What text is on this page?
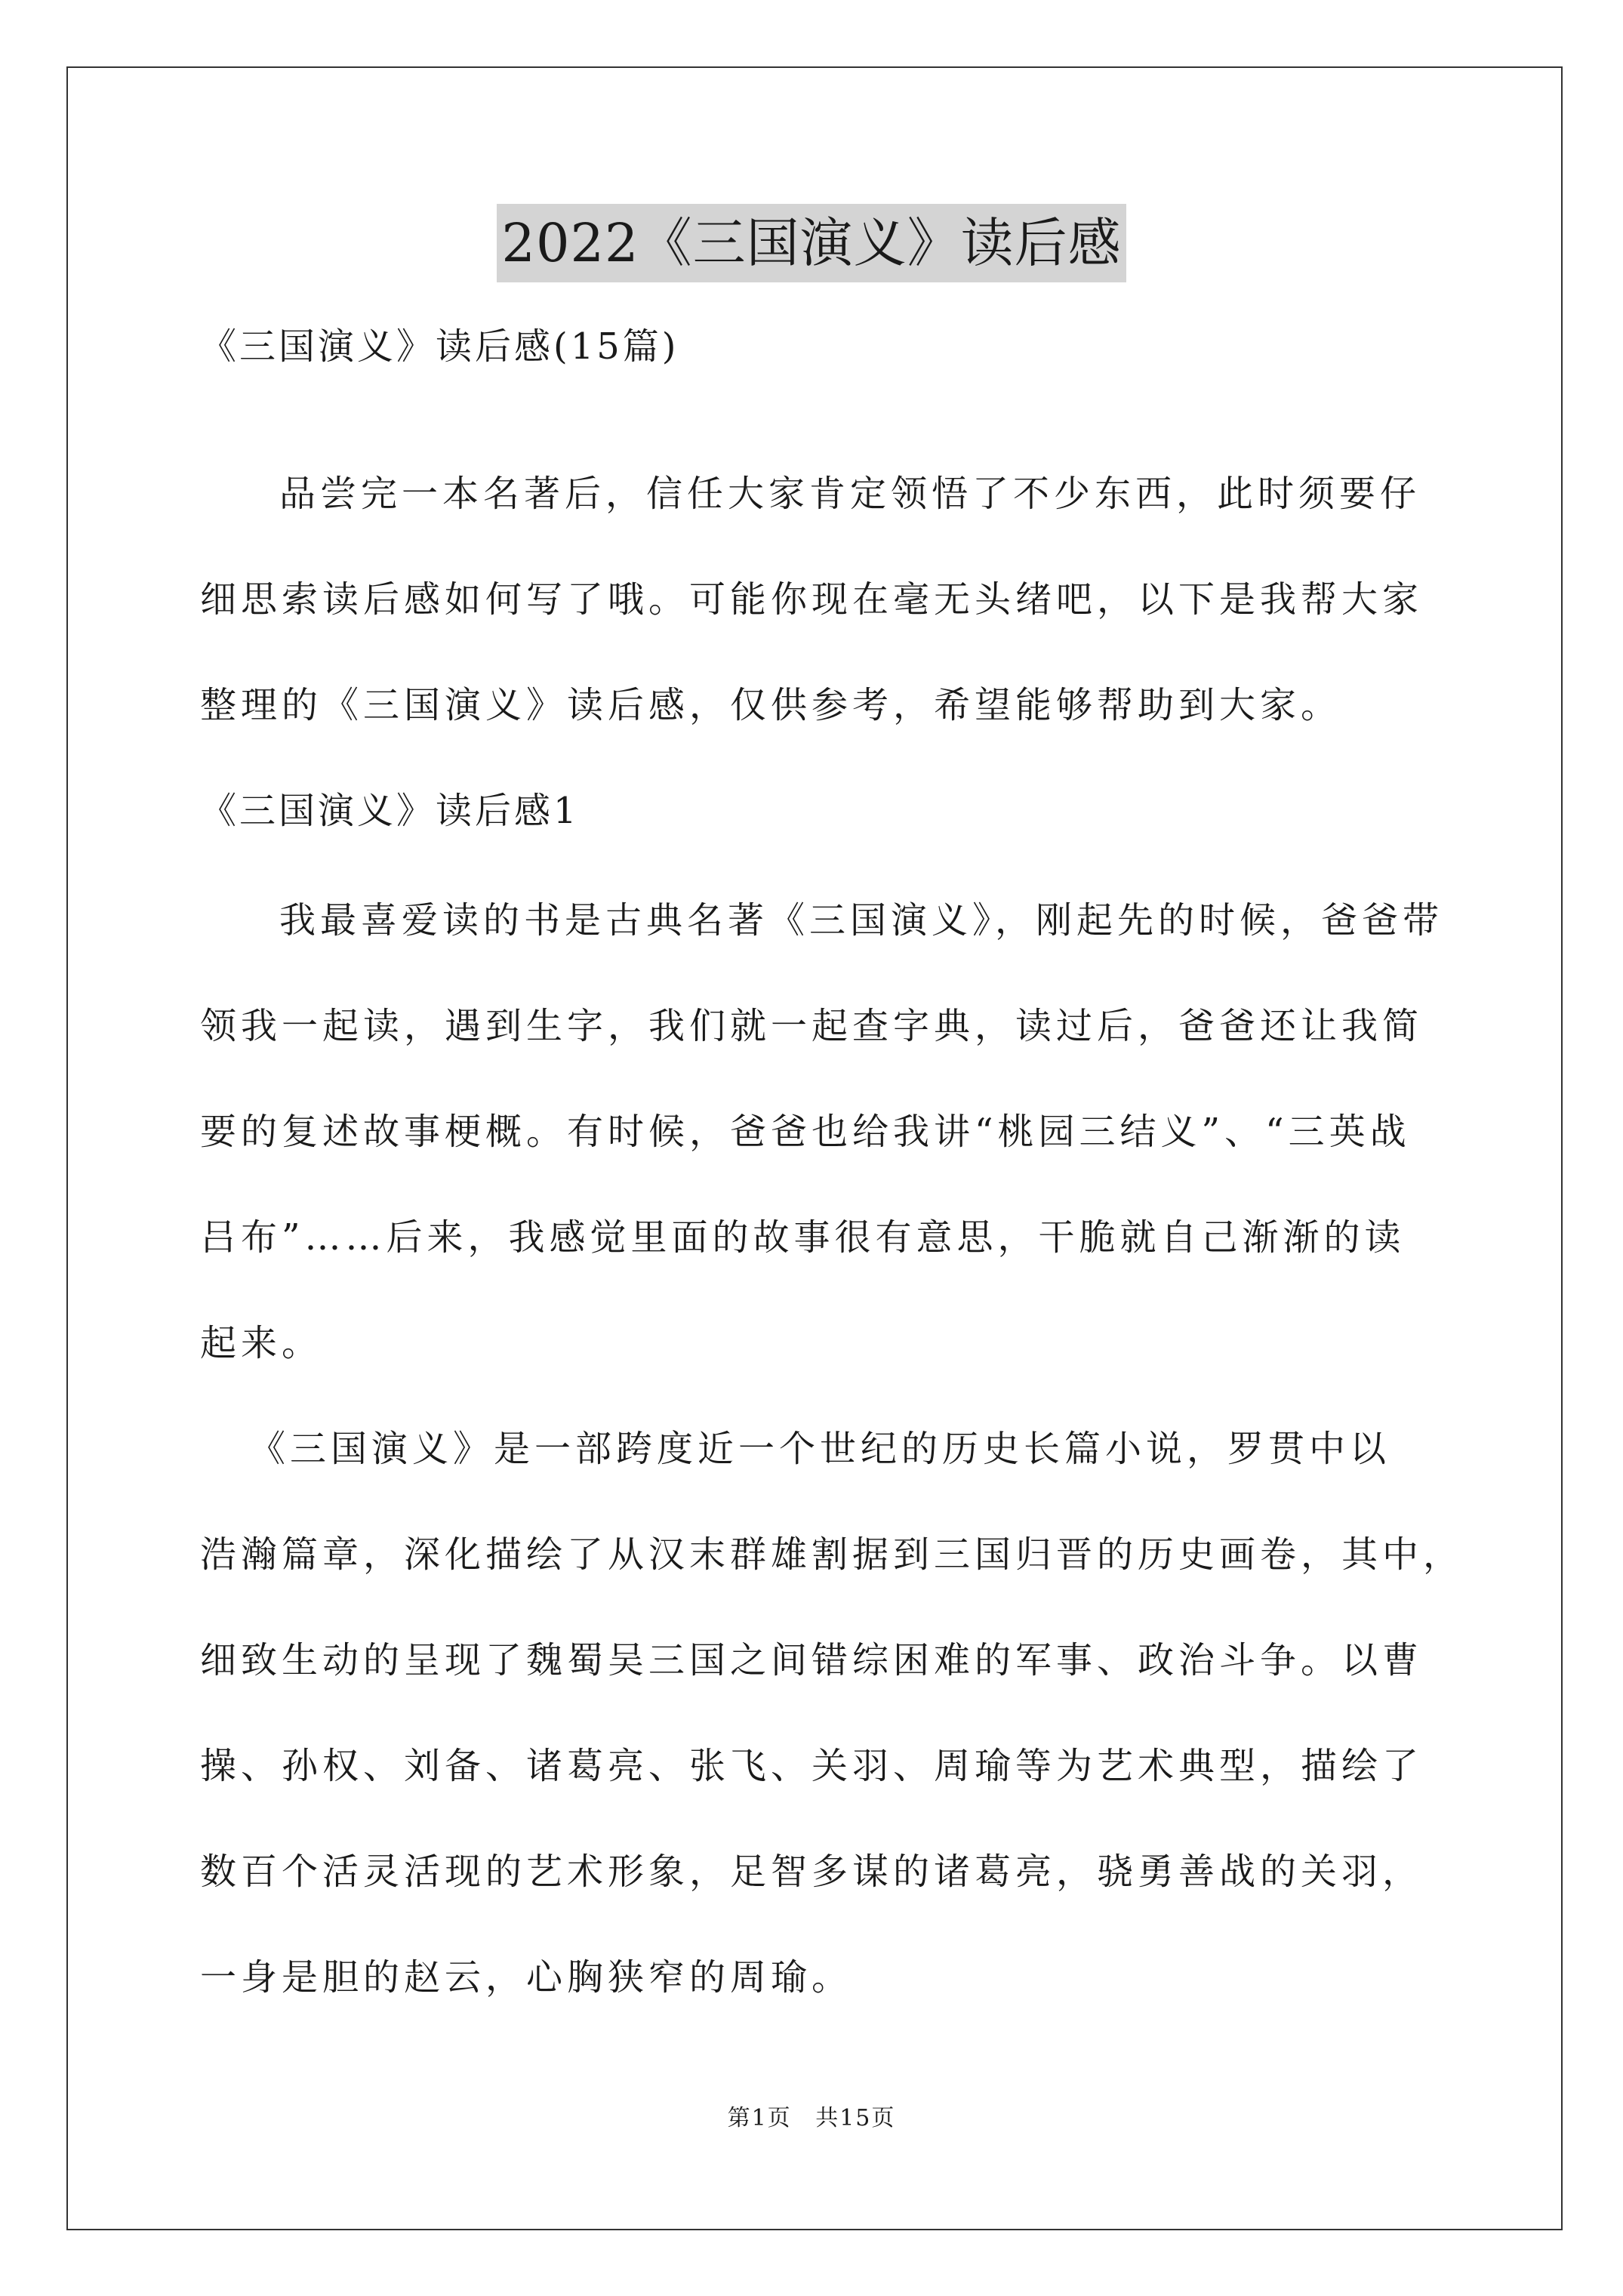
2022《三国演义》读后感
《三国演义》读后感(15篇)
品尝完一本名著后，信任大家肯定领悟了不少东西，此时须要仔
细思索读后感如何写了哦。可能你现在毫无头绪吧，以下是我帮大家
整理的《三国演义》读后感，仅供参考，希望能够帮助到大家。
《三国演义》读后感1
我最喜爱读的书是古典名著《三国演义》，刚起先的时候，爸爸带
领我一起读，遇到生字，我们就一起查字典，读过后，爸爸还让我简
要的复述故事梗概。有时候，爸爸也给我讲“桃园三结义”、“三英战
吕布”……后来，我感觉里面的故事很有意思，干脆就自己渐渐的读
起来。
《三国演义》是一部跨度近一个世纪的历史长篇小说，罗贯中以
浩瀚篇章，深化描绘了从汉末群雄割据到三国归晋的历史画卷，其中，
细致生动的呈现了魏蜀吴三国之间错综困难的军事、政治斗争。以曹
操、孙权、刘备、诸葛亮、张飞、关羽、周瑜等为艺术典型，描绘了
数百个活灵活现的艺术形象，足智多谋的诸葛亮，骁勇善战的关羽，
一身是胆的赵云，心胸狭窄的周瑜。
第1页 共15页
